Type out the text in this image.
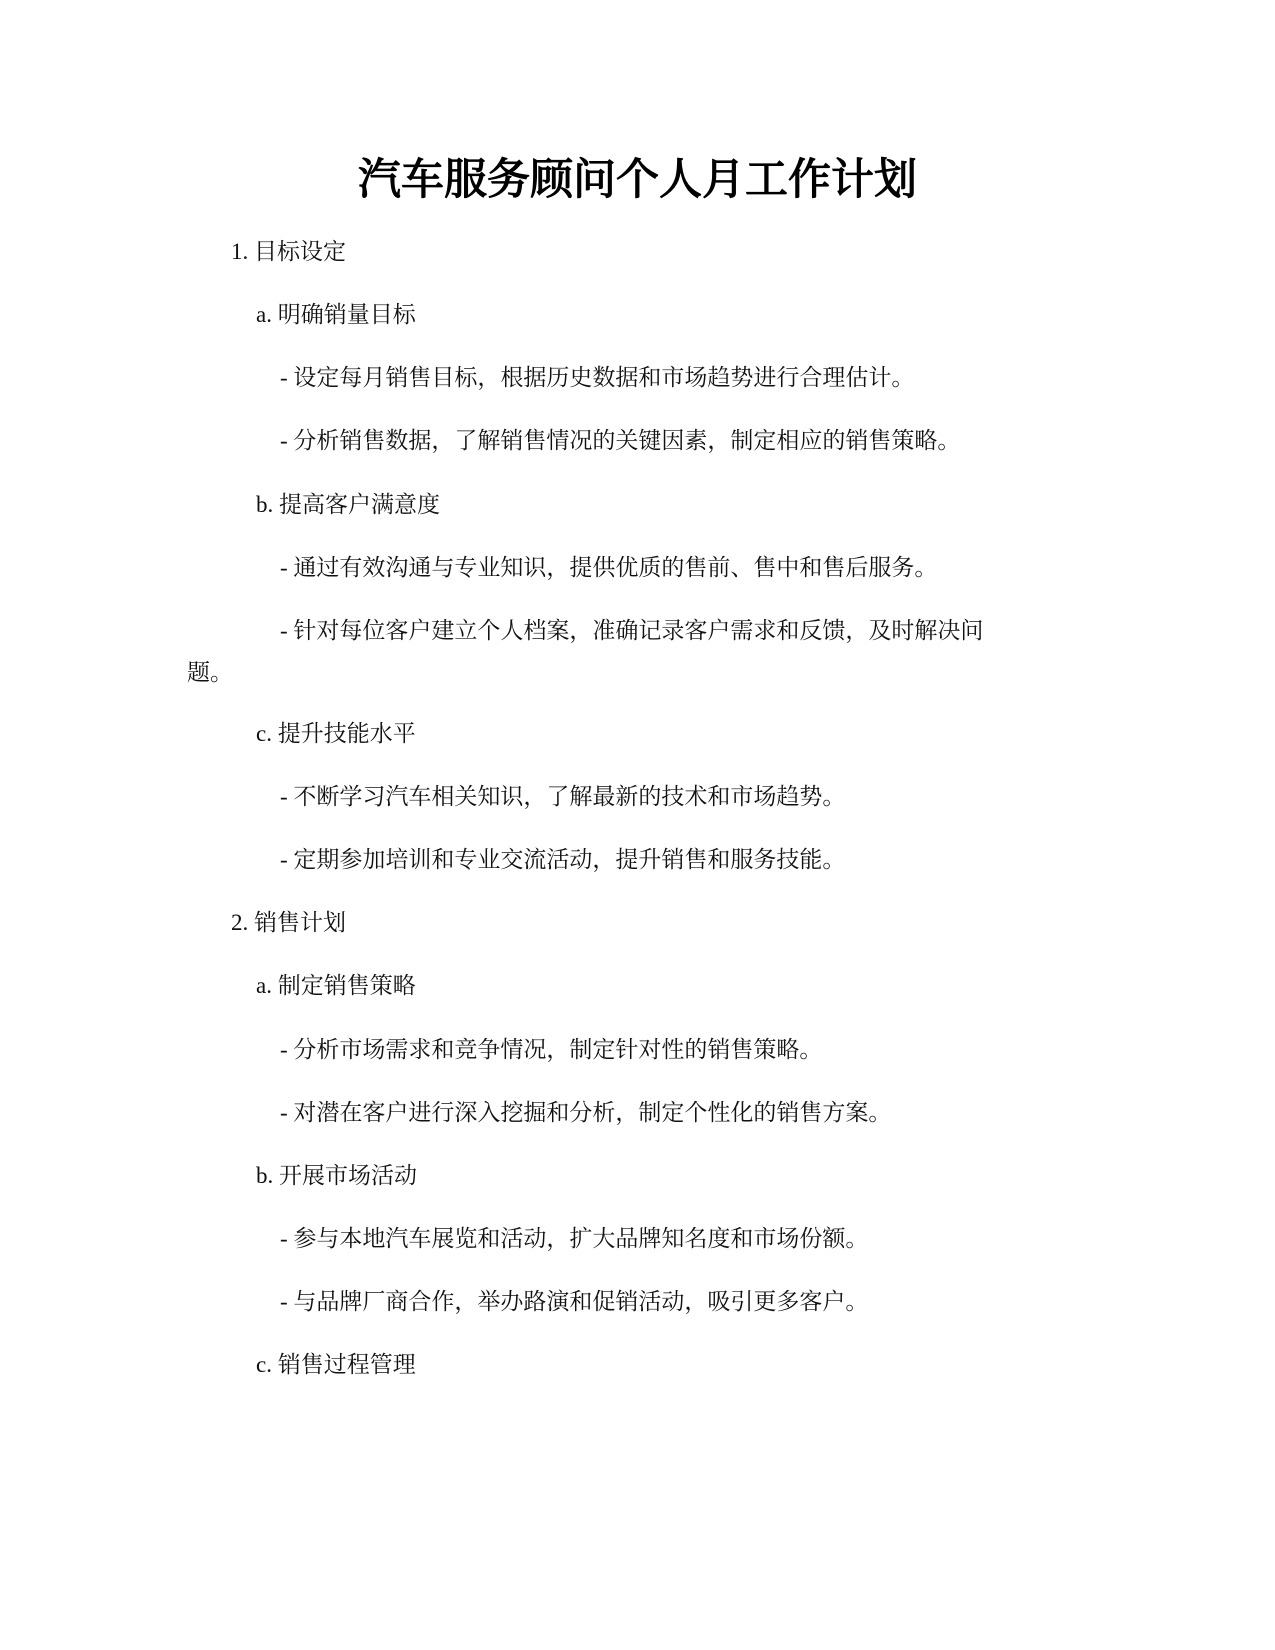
汽车服务顾问个人月工作计划

1. 目标设定

a. 明确销量目标

- 设定每月销售目标，根据历史数据和市场趋势进行合理估计。

- 分析销售数据，了解销售情况的关键因素，制定相应的销售策略。

b. 提高客户满意度

- 通过有效沟通与专业知识，提供优质的售前、售中和售后服务。

- 针对每位客户建立个人档案，准确记录客户需求和反馈，及时解决问

题。

c. 提升技能水平

- 不断学习汽车相关知识，了解最新的技术和市场趋势。

- 定期参加培训和专业交流活动，提升销售和服务技能。

2. 销售计划

a. 制定销售策略

- 分析市场需求和竞争情况，制定针对性的销售策略。

- 对潜在客户进行深入挖掘和分析，制定个性化的销售方案。

b. 开展市场活动

- 参与本地汽车展览和活动，扩大品牌知名度和市场份额。

- 与品牌厂商合作，举办路演和促销活动，吸引更多客户。

c. 销售过程管理
